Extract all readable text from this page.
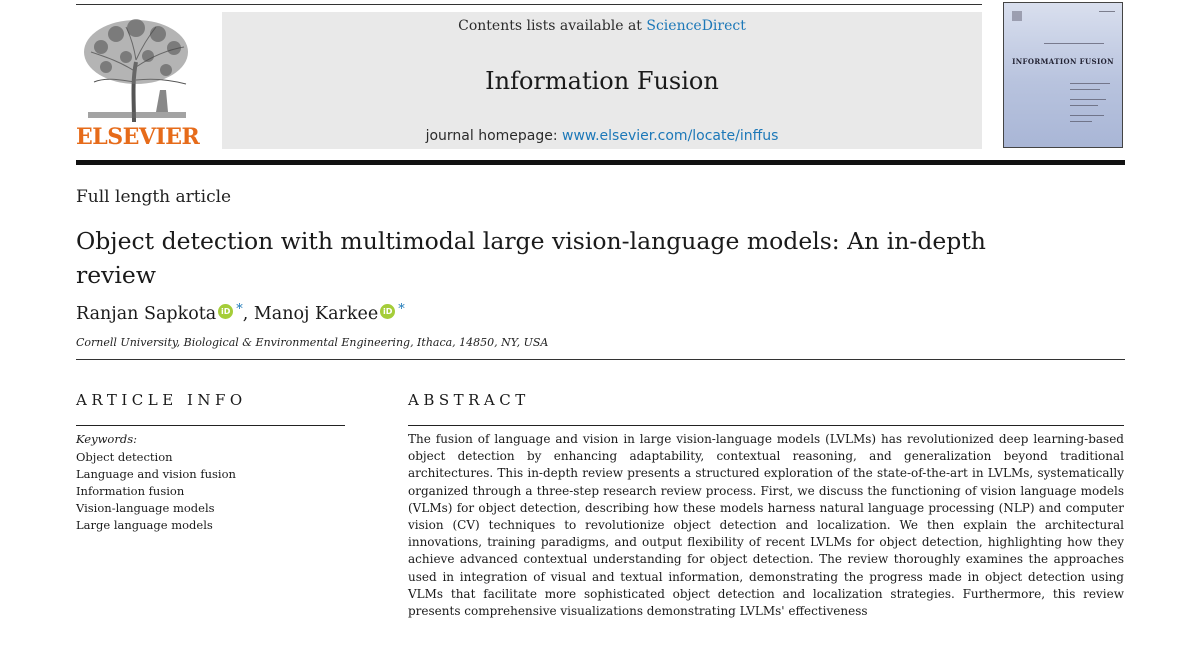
ELSEVIER
Contents lists available at ScienceDirect
Information Fusion
journal homepage: www.elsevier.com/locate/inffus
INFORMATION FUSION
Full length article
Object detection with multimodal large vision-language models: An in-depth review
Ranjan Sapkota iD *, Manoj Karkee iD *
Cornell University, Biological & Environmental Engineering, Ithaca, 14850, NY, USA
ARTICLE INFO
Keywords:
Object detection
Language and vision fusion
Information fusion
Vision-language models
Large language models
ABSTRACT
The fusion of language and vision in large vision-language models (LVLMs) has revolutionized deep learning-based object detection by enhancing adaptability, contextual reasoning, and generalization beyond traditional architectures. This in-depth review presents a structured exploration of the state-of-the-art in LVLMs, systematically organized through a three-step research review process. First, we discuss the functioning of vision language models (VLMs) for object detection, describing how these models harness natural language processing (NLP) and computer vision (CV) techniques to revolutionize object detection and localization. We then explain the architectural innovations, training paradigms, and output flexibility of recent LVLMs for object detection, highlighting how they achieve advanced contextual understanding for object detection. The review thoroughly examines the approaches used in integration of visual and textual information, demonstrating the progress made in object detection using VLMs that facilitate more sophisticated object detection and localization strategies. Furthermore, this review presents comprehensive visualizations demonstrating LVLMs' effectiveness
